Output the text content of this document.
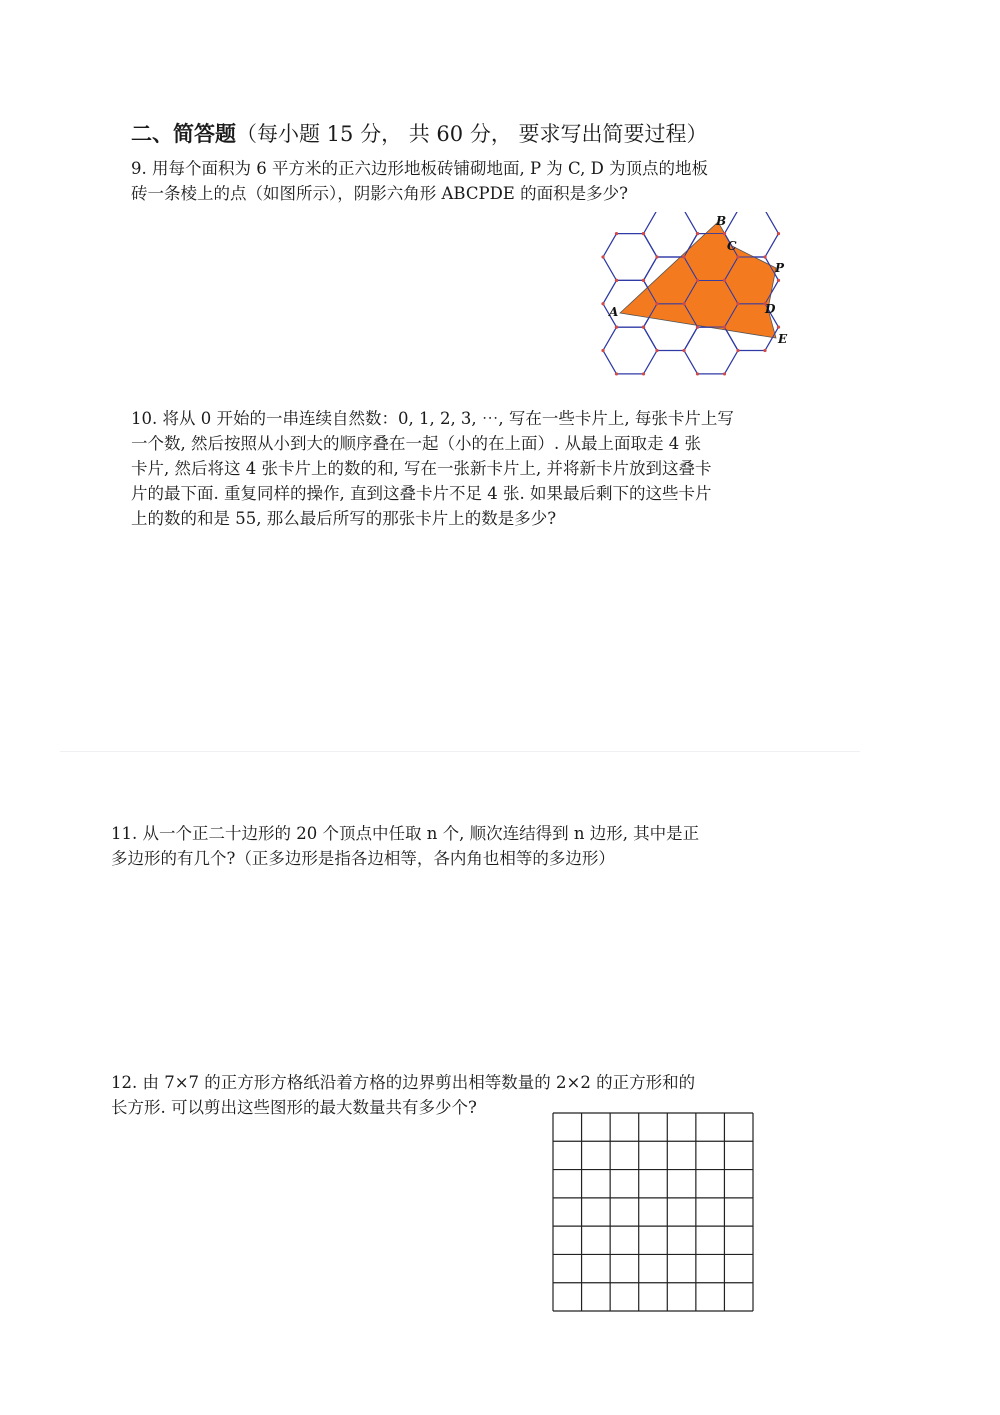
二、简答题（每小题 15 分， 共 60 分， 要求写出简要过程）
9. 用每个面积为 6 平方米的正六边形地板砖铺砌地面, P 为 C, D 为顶点的地板
砖一条棱上的点（如图所示），阴影六角形 ABCPDE 的面积是多少?
A
B
C
P
D
E
10. 将从 0 开始的一串连续自然数：0, 1, 2, 3, ⋯, 写在一些卡片上, 每张卡片上写
一个数, 然后按照从小到大的顺序叠在一起（小的在上面）. 从最上面取走 4 张
卡片, 然后将这 4 张卡片上的数的和, 写在一张新卡片上, 并将新卡片放到这叠卡
片的最下面. 重复同样的操作, 直到这叠卡片不足 4 张. 如果最后剩下的这些卡片
上的数的和是 55, 那么最后所写的那张卡片上的数是多少?
11. 从一个正二十边形的 20 个顶点中任取 n 个, 顺次连结得到 n 边形, 其中是正
多边形的有几个?（正多边形是指各边相等，各内角也相等的多边形）
12. 由 7×7 的正方形方格纸沿着方格的边界剪出相等数量的 2×2 的正方形和的
长方形. 可以剪出这些图形的最大数量共有多少个?
